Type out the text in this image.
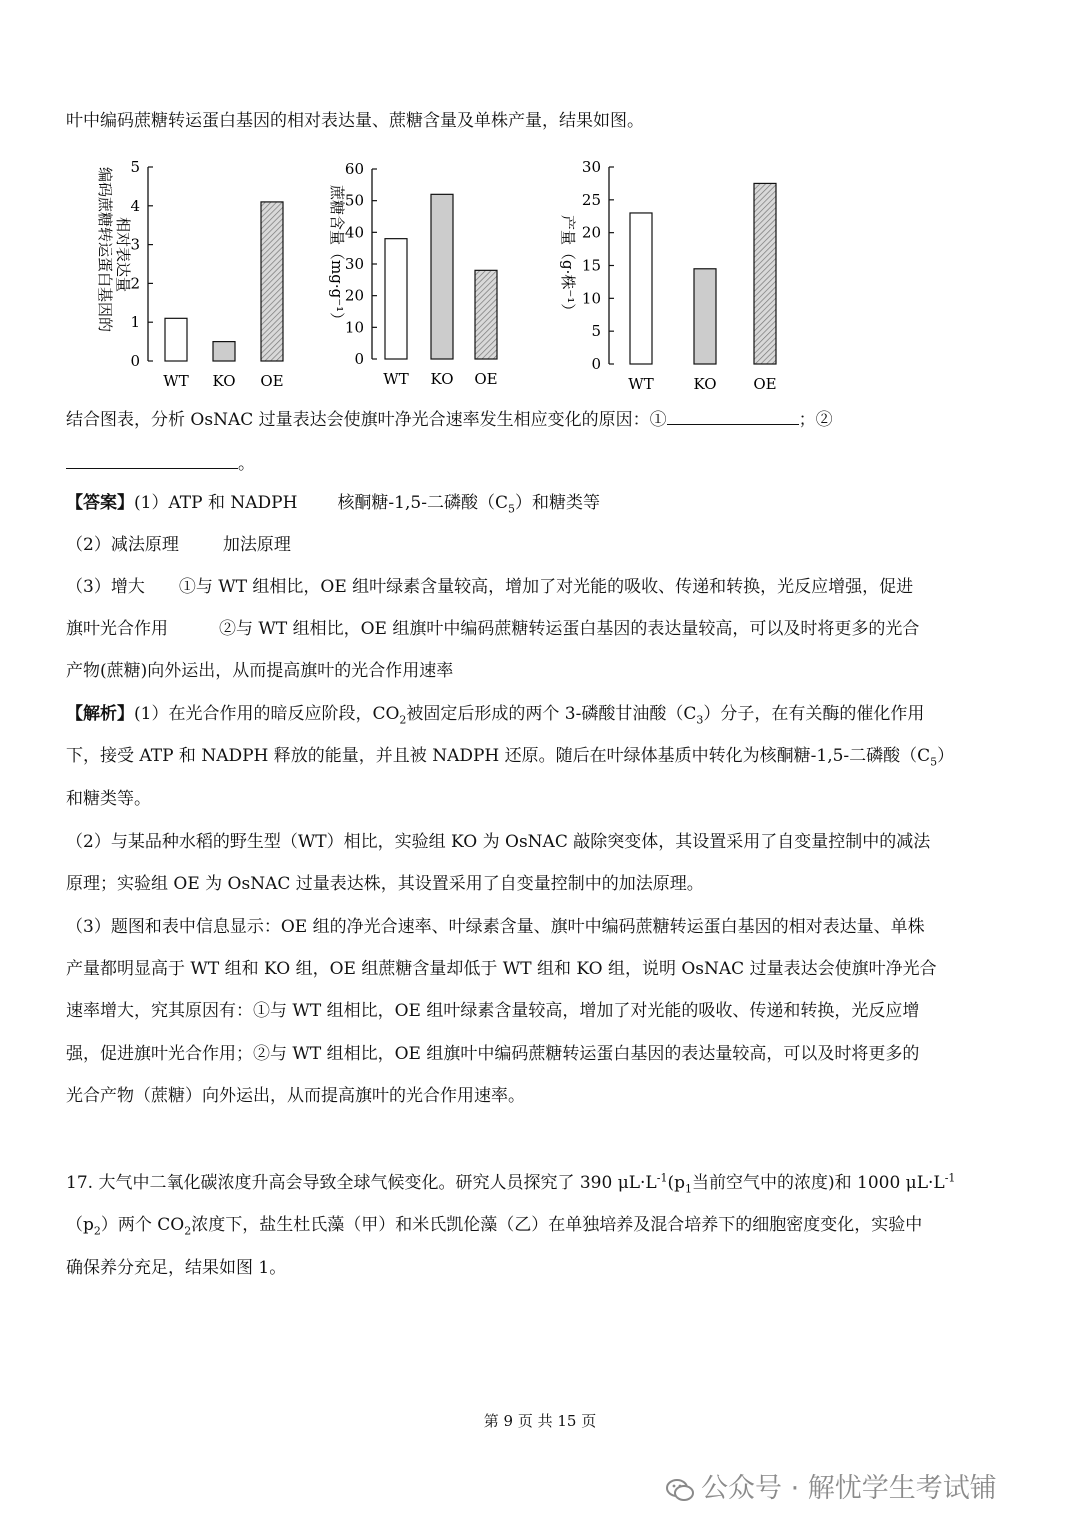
叶中编码蔗糖转运蛋白基因的相对表达量、蔗糖含量及单株产量，结果如图。
编码蔗糖转运蛋白基因的 相对表达量
5
4
3
2
1
0
WT KO OE
蔗糖含量（mg·g⁻¹）
60
50
40
30
20
10
0
WT KO OE
产量（g·株⁻¹）
30
25
20
15
10
5
0
WT	KO OE
结合图表，分析 OsNAC 过量表达会使旗叶净光合速率发生相应变化的原因：①	；②
。
【答案】(1）ATP 和 NADPH 核酮糖-1,5-二磷酸$(C_5)$和糖类等
（2）减法原理	加法原理
（3）增大　　①与 WT 组相比，OE 组叶绿素含量较高，增加了对光能的吸收、传递和转换，光反应增强，促进
旗叶光合作用　　　②与 WT 组相比，OE 组旗叶中编码蔗糖转运蛋白基因的表达量较高，可以及时将更多的光合
产物(蔗糖)向外运出，从而提高旗叶的光合作用速率
【解析】(1）在光合作用的暗反应阶段，$CO_2$被固定后形成的两个 3-磷酸甘油酸$(C_3)$分子，在有关酶的催化作用
下，接受 ATP 和 NADPH 释放的能量，并且被 NADPH 还原。随后在叶绿体基质中转化为核酮糖-1,5-二磷酸$(C_5)$
和糖类等。
（2）与某品种水稻的野生型（WT）相比，实验组 KO 为 OsNAC 敲除突变体，其设置采用了自变量控制中的减法
原理；实验组 OE 为 OsNAC 过量表达株，其设置采用了自变量控制中的加法原理。
（3）题图和表中信息显示：OE 组的净光合速率、叶绿素含量、旗叶中编码蔗糖转运蛋白基因的相对表达量、单株
产量都明显高于 WT 组和 KO 组，OE 组蔗糖含量却低于 WT 组和 KO 组，说明 OsNAC 过量表达会使旗叶净光合
速率增大，究其原因有：①与 WT 组相比，OE 组叶绿素含量较高，增加了对光能的吸收、传递和转换，光反应增
强，促进旗叶光合作用；②与 WT 组相比，OE 组旗叶中编码蔗糖转运蛋白基因的表达量较高，可以及时将更多的
光合产物（蔗糖）向外运出，从而提高旗叶的光合作用速率。
17. 大气中二氧化碳浓度升高会导致全球气候变化。研究人员探究了 390 $\mu L\cdot L^{-1}(p_1$当前空气中的浓度)和 1000 $\mu L\cdot L^{-1}$
$(p_2)$两个 $CO_2$浓度下，盐生杜氏藻（甲）和米氏凯伦藻（乙）在单独培养及混合培养下的细胞密度变化，实验中
确保养分充足，结果如图 1。
第 9 页 共 15 页
公众号 · 解忧学生考试铺
